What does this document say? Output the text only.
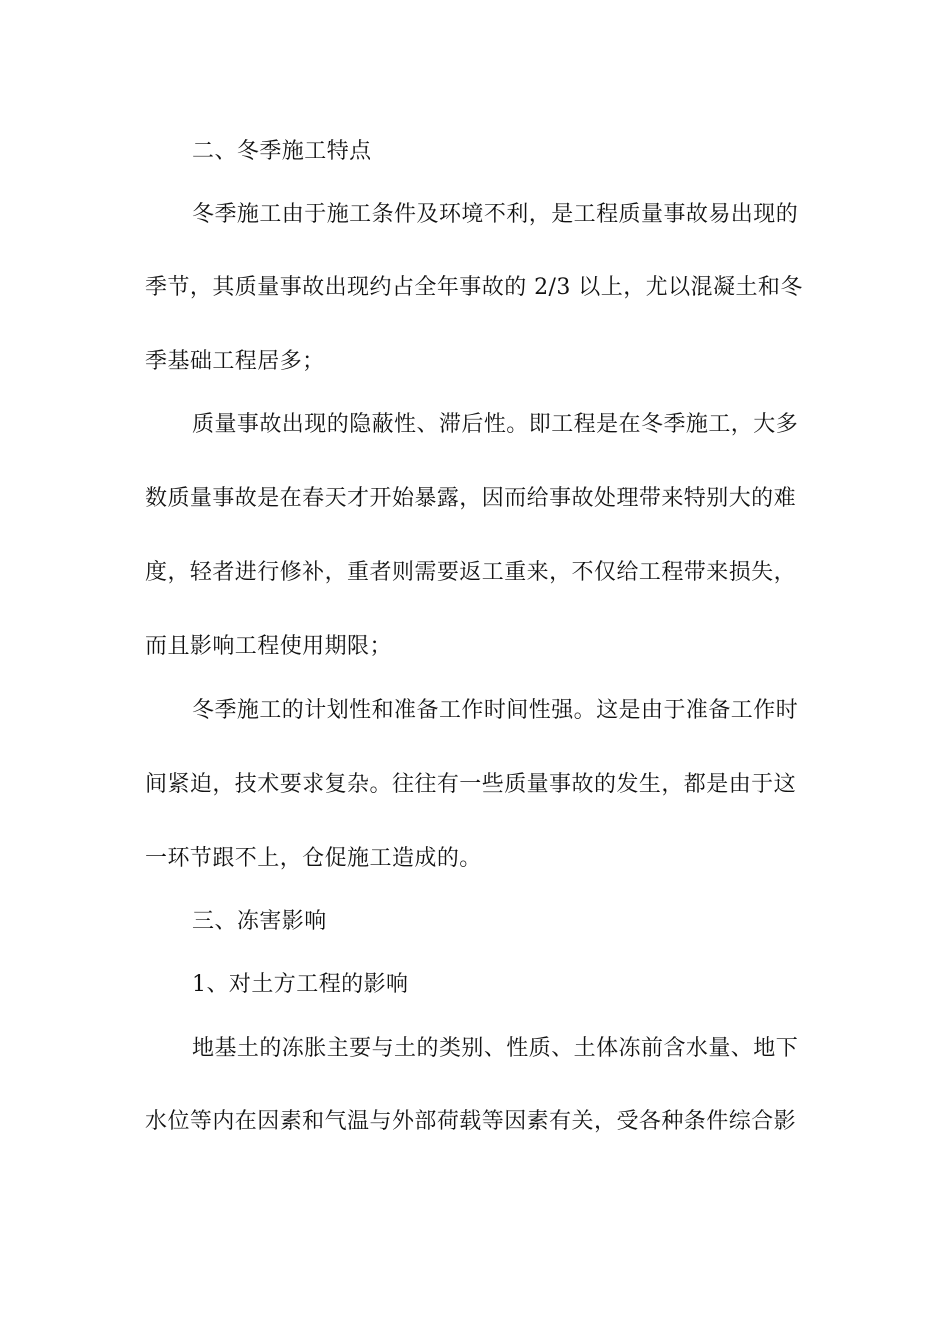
二、冬季施工特点
冬季施工由于施工条件及环境不利，是工程质量事故易出现的
季节，其质量事故出现约占全年事故的 2/3 以上，尤以混凝土和冬
季基础工程居多；
质量事故出现的隐蔽性、滞后性。即工程是在冬季施工，大多
数质量事故是在春天才开始暴露，因而给事故处理带来特别大的难
度，轻者进行修补，重者则需要返工重来，不仅给工程带来损失，
而且影响工程使用期限；
冬季施工的计划性和准备工作时间性强。这是由于准备工作时
间紧迫，技术要求复杂。往往有一些质量事故的发生，都是由于这
一环节跟不上，仓促施工造成的。
三、冻害影响
1、对土方工程的影响
地基土的冻胀主要与土的类别、性质、土体冻前含水量、地下
水位等内在因素和气温与外部荷载等因素有关，受各种条件综合影
